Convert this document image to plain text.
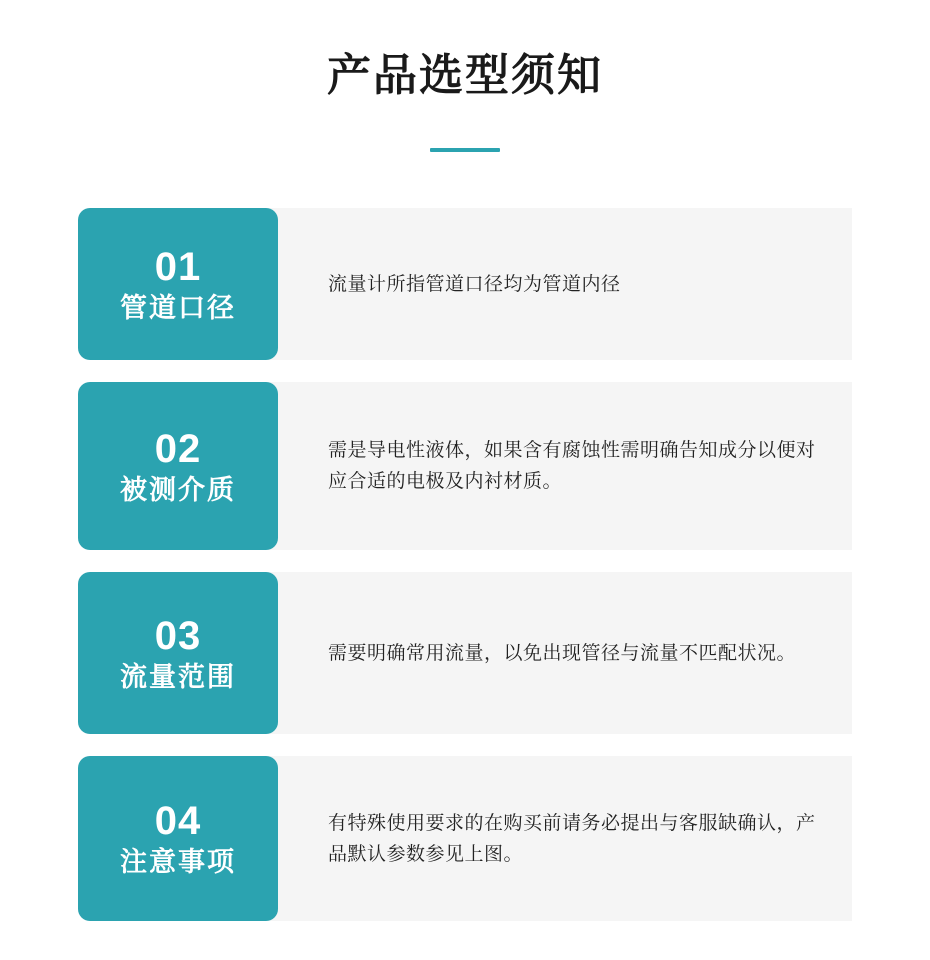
产品选型须知
01
管道口径

流量计所指管道口径均为管道内径

02
被测介质

需是导电性液体，如果含有腐蚀性需明确告知成分以便对应合适的电极及内衬材质。

03
流量范围

需要明确常用流量，以免出现管径与流量不匹配状况。

04
注意事项

有特殊使用要求的在购买前请务必提出与客服缺确认，产品默认参数参见上图。
